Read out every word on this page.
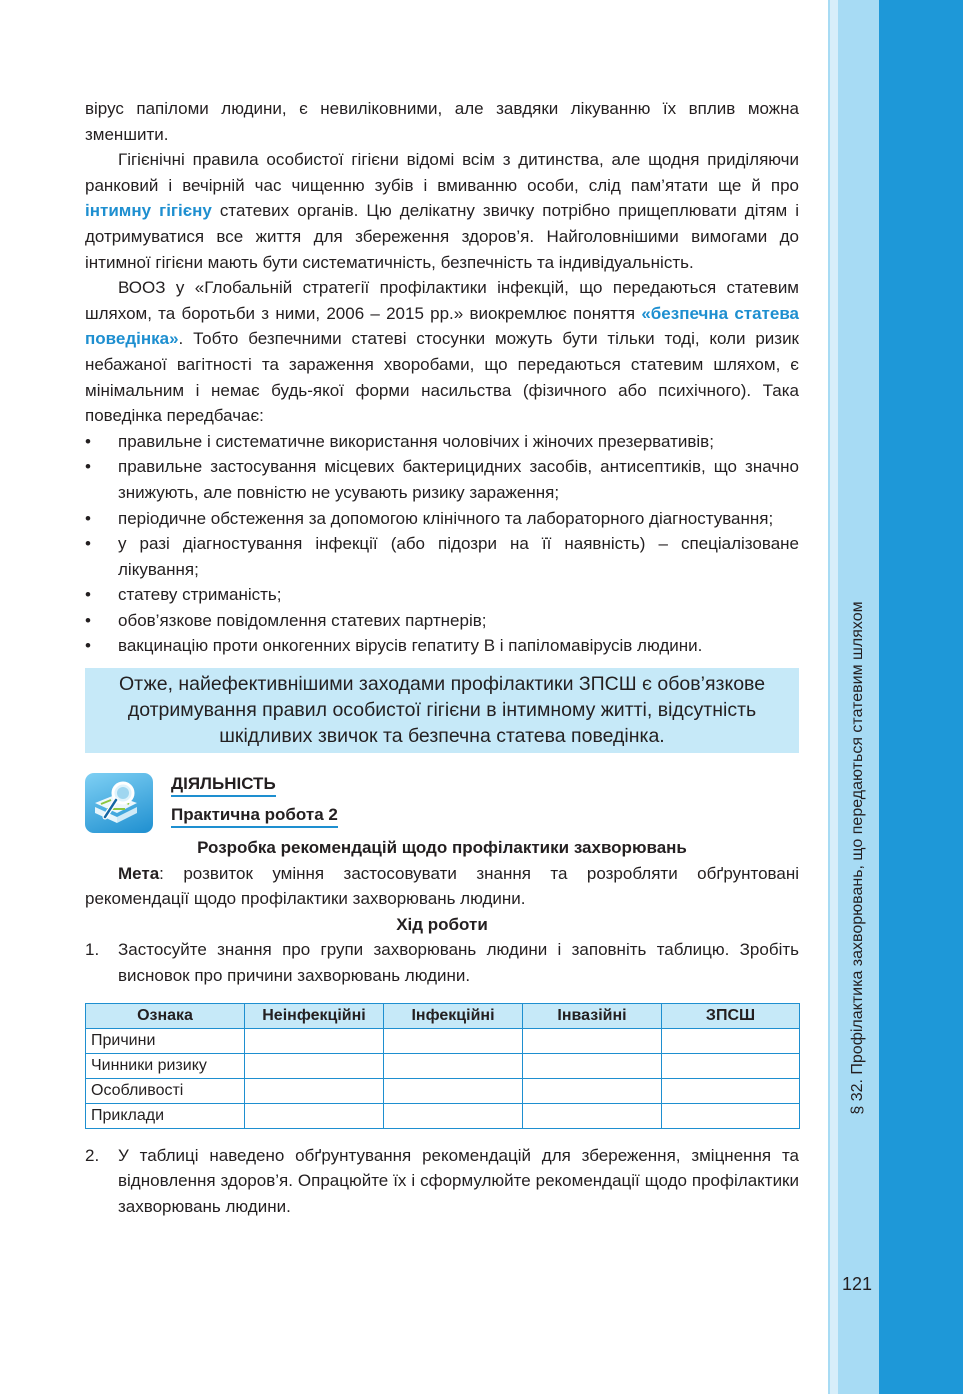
§ 32. Профілактика захворювань, що передаються статевим шляхом
121

вірус папіломи людини, є невиліковними, але завдяки лікуванню їх вплив можна зменшити.

Гігієнічні правила особистої гігієни відомі всім з дитинства, але щодня приділяючи ранковий і вечірній час чищенню зубів і вмиванню особи, слід пам’ятати ще й про інтимну гігієну статевих органів. Цю делікатну звичку потрібно прищеплювати дітям і дотримуватися все життя для збереження здоров’я. Найголовнішими вимогами до інтимної гігієни мають бути систематичність, безпечність та індивідуальність.

ВООЗ у «Глобальній стратегії профілактики інфекцій, що передаються статевим шляхом, та боротьби з ними, 2006 – 2015 рр.» виокремлює поняття «безпечна статева поведінка». Тобто безпечними статеві стосунки можуть бути тільки тоді, коли ризик небажаної вагітності та зараження хворобами, що передаються статевим шляхом, є мінімальним і немає будь-якої форми насильства (фізичного або психічного). Така поведінка передбачає:

• правильне і систематичне використання чоловічих і жіночих презервативів;
• правильне застосування місцевих бактерицидних засобів, антисептиків, що значно знижують, але повністю не усувають ризику зараження;
• періодичне обстеження за допомогою клінічного та лабораторного діагностування;
• у разі діагностування інфекції (або підозри на її наявність) – спеціалізоване лікування;
• статеву стриманість;
• обов’язкове повідомлення статевих партнерів;
• вакцинацію проти онкогенних вірусів гепатиту В і папіломавірусів людини.
Отже, найефективнішими заходами профілактики ЗПСШ є обов’язкове дотримування правил особистої гігієни в інтимному житті, відсутність шкідливих звичок та безпечна статева поведінка.
ДІЯЛЬНІСТЬ
Практична робота 2
Розробка рекомендацій щодо профілактики захворювань

Мета: розвиток уміння застосовувати знання та розробляти обґрунтовані рекомендації щодо профілактики захворювань людини.

Хід роботи
1. Застосуйте знання про групи захворювань людини і заповніть таблицю. Зробіть висновок про причини захворювань людини.
Ознака	Неінфекційні	Інфекційні	Інвазійні	ЗПСШ
Причини				
Чинники ризику				
Особливості				
Приклади				
2. У таблиці наведено обґрунтування рекомендацій для збереження, зміцнення та відновлення здоров’я. Опрацюйте їх і сформулюйте рекомендації щодо профілактики захворювань людини.
